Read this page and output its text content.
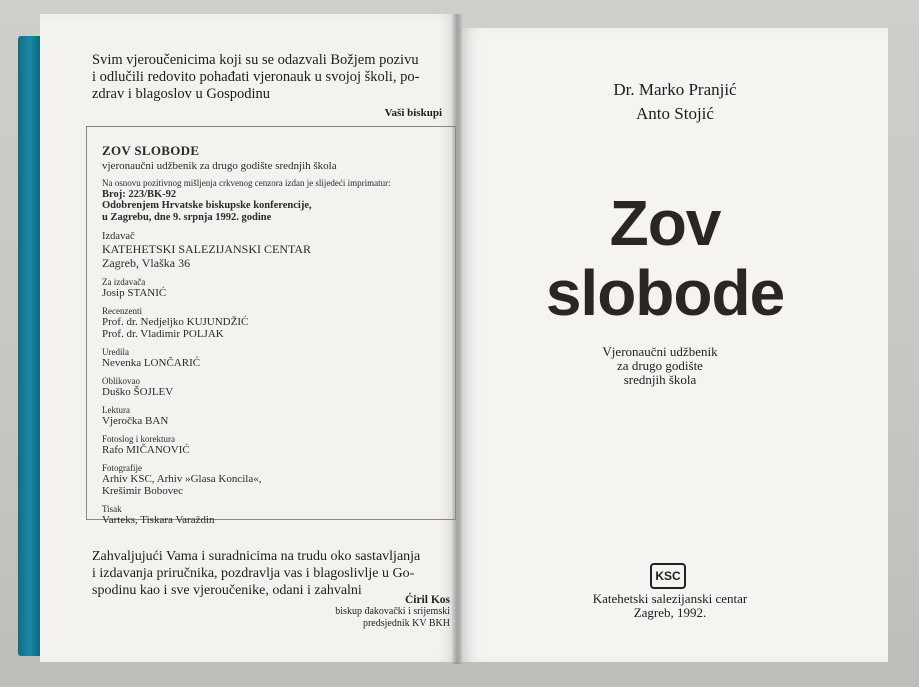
Svim vjeroučenicima koji su se odazvali Božjem pozivu
i odlučili redovito pohađati vjeronauk u svojoj školi, po-
zdrav i blagoslov u Gospodinu
Vaši biskupi
ZOV SLOBODE
vjeronaučni udžbenik za drugo godište srednjih škola
Na osnovu pozitivnog mišljenja crkvenog cenzora izdan je slijedeći imprimatur:
Broj: 223/BK-92
Odobrenjem Hrvatske biskupske konferencije,
u Zagrebu, dne 9. srpnja 1992. godine
Izdavač
KATEHETSKI SALEZIJANSKI CENTAR
Zagreb, Vlaška 36
Za izdavača
Josip STANIĆ
Recenzenti
Prof. dr. Nedjeljko KUJUNDŽIĆ
Prof. dr. Vladimir POLJAK
Uredila
Nevenka LONČARIĆ
Oblikovao
Duško ŠOJLEV
Lektura
Vjeročka BAN
Fotoslog i korektura
Rafo MIČANOVIĆ
Fotografije
Arhiv KSC, Arhiv »Glasa Koncila«,
Krešimir Bobovec
Tisak
Varteks, Tiskara Varaždin
Zahvaljujući Vama i suradnicima na trudu oko sastavljanja
i izdavanja priručnika, pozdravlja vas i blagoslivlje u Go-
spodinu kao i sve vjeroučenike, odani i zahvalni
Ćiril Kos
biskup đakovački i srijemski
predsjednik KV BKH
Dr. Marko Pranjić
Anto Stojić
Zov
slobode
Vjeronaučni udžbenik
za drugo godište
srednjih škola
KSC
Katehetski salezijanski centar
Zagreb, 1992.
